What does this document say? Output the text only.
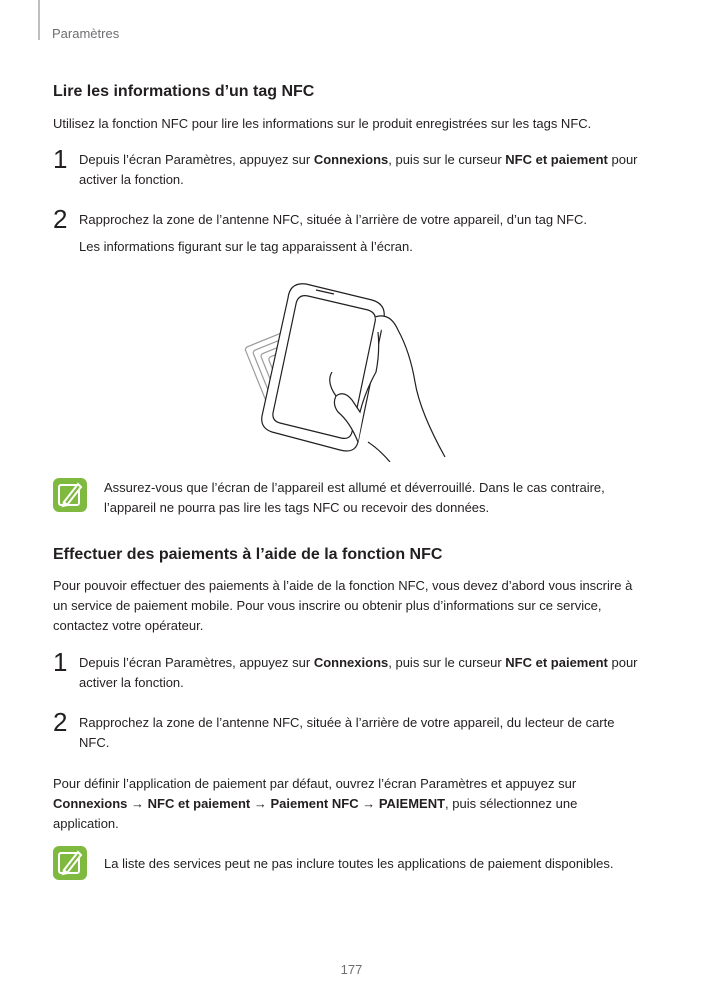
Paramètres
Lire les informations d’un tag NFC

Utilisez la fonction NFC pour lire les informations sur le produit enregistrées sur les tags NFC.

1 Depuis l’écran Paramètres, appuyez sur Connexions, puis sur le curseur NFC et paiement pour activer la fonction.
2 Rapprochez la zone de l’antenne NFC, située à l’arrière de votre appareil, d’un tag NFC.
Les informations figurant sur le tag apparaissent à l’écran.
Assurez-vous que l’écran de l’appareil est allumé et déverrouillé. Dans le cas contraire, l’appareil ne pourra pas lire les tags NFC ou recevoir des données.
Effectuer des paiements à l’aide de la fonction NFC

Pour pouvoir effectuer des paiements à l’aide de la fonction NFC, vous devez d’abord vous inscrire à un service de paiement mobile. Pour vous inscrire ou obtenir plus d’informations sur ce service, contactez votre opérateur.

1 Depuis l’écran Paramètres, appuyez sur Connexions, puis sur le curseur NFC et paiement pour activer la fonction.
2 Rapprochez la zone de l’antenne NFC, située à l’arrière de votre appareil, du lecteur de carte NFC.

Pour définir l’application de paiement par défaut, ouvrez l’écran Paramètres et appuyez sur Connexions → NFC et paiement → Paiement NFC → PAIEMENT, puis sélectionnez une application.

La liste des services peut ne pas inclure toutes les applications de paiement disponibles.
177
